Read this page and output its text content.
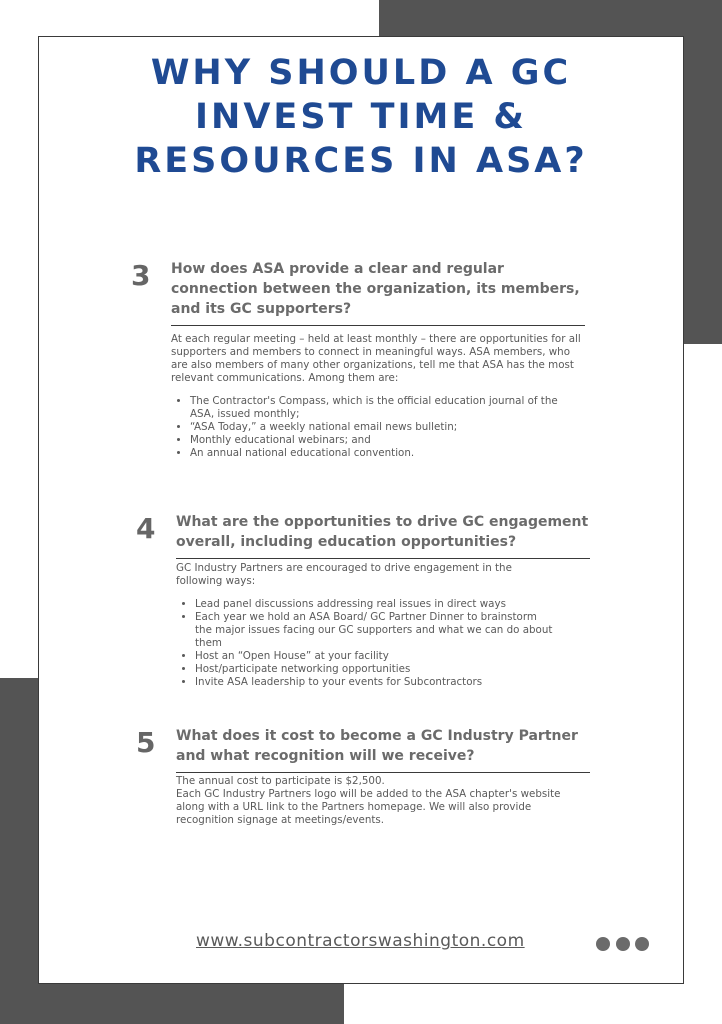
WHY SHOULD A GC
INVEST TIME &
RESOURCES IN ASA?
3 How does ASA provide a clear and regular connection between the organization, its members, and its GC supporters?

At each regular meeting – held at least monthly – there are opportunities for all supporters and members to connect in meaningful ways. ASA members, who are also members of many other organizations, tell me that ASA has the most relevant communications. Among them are:

• The Contractor's Compass, which is the official education journal of the ASA, issued monthly;
• “ASA Today,” a weekly national email news bulletin;
• Monthly educational webinars; and
• An annual national educational convention.
4 What are the opportunities to drive GC engagement overall, including education opportunities?

GC Industry Partners are encouraged to drive engagement in the

following ways:

• Lead panel discussions addressing real issues in direct ways
• Each year we hold an ASA Board/ GC Partner Dinner to brainstorm the major issues facing our GC supporters and what we can do about them
• Host an “Open House” at your facility
• Host/participate networking opportunities
• Invite ASA leadership to your events for Subcontractors
5 What does it cost to become a GC Industry Partner and what recognition will we receive?

The annual cost to participate is $2,500.

Each GC Industry Partners logo will be added to the ASA chapter's website along with a URL link to the Partners homepage. We will also provide recognition signage at meetings/events.

www.subcontractorswashington.com
